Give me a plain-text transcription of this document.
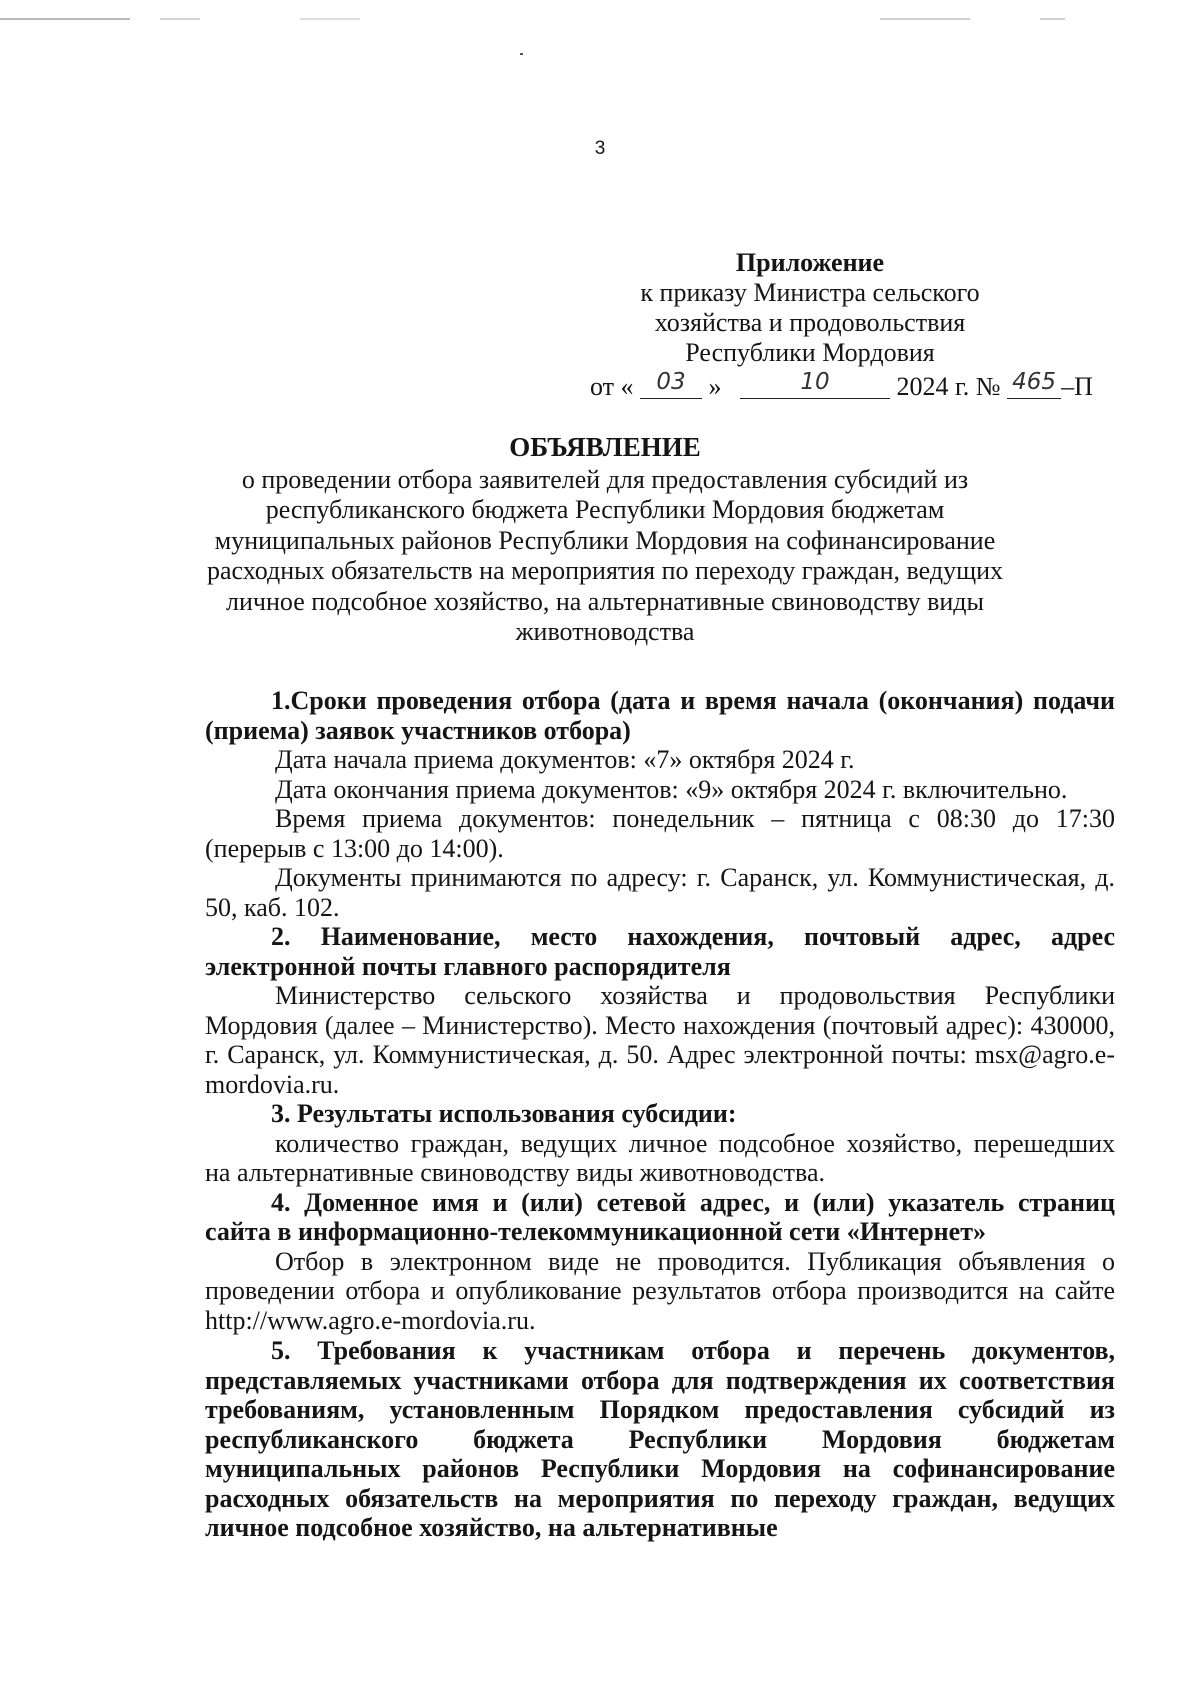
3
Приложение
к приказу Министра сельского
хозяйства и продовольствия
Республики Мордовия
от « 03 »	10	2024 г. № 465 –П
ОБЪЯВЛЕНИЕ
о проведении отбора заявителей для предоставления субсидий из республиканского бюджета Республики Мордовия бюджетам муниципальных районов Республики Мордовия на софинансирование расходных обязательств на мероприятия по переходу граждан, ведущих личное подсобное хозяйство, на альтернативные свиноводству виды животноводства

1.Сроки проведения отбора (дата и время начала (окончания) подачи (приема) заявок участников отбора)

Дата начала приема документов: «7» октября 2024 г.

Дата окончания приема документов: «9» октября 2024 г. включительно.

Время приема документов: понедельник – пятница с 08:30 до 17:30 (перерыв с 13:00 до 14:00).

Документы принимаются по адресу: г. Саранск, ул. Коммунистическая, д. 50, каб. 102.

2. Наименование, место нахождения, почтовый адрес, адрес электронной почты главного распорядителя

Министерство сельского хозяйства и продовольствия Республики Мордовия (далее – Министерство). Место нахождения (почтовый адрес): 430000, г. Саранск, ул. Коммунистическая, д. 50. Адрес электронной почты: msx@agro.e-mordovia.ru.

3. Результаты использования субсидии:

количество граждан, ведущих личное подсобное хозяйство, перешедших на альтернативные свиноводству виды животноводства.

4. Доменное имя и (или) сетевой адрес, и (или) указатель страниц сайта в информационно-телекоммуникационной сети «Интернет»

Отбор в электронном виде не проводится. Публикация объявления о проведении отбора и опубликование результатов отбора производится на сайте http://www.agro.e-mordovia.ru.

5. Требования к участникам отбора и перечень документов, представляемых участниками отбора для подтверждения их соответствия требованиям, установленным Порядком предоставления субсидий из республиканского бюджета Республики Мордовия бюджетам муниципальных районов Республики Мордовия на софинансирование расходных обязательств на мероприятия по переходу граждан, ведущих личное подсобное хозяйство, на альтернативные
